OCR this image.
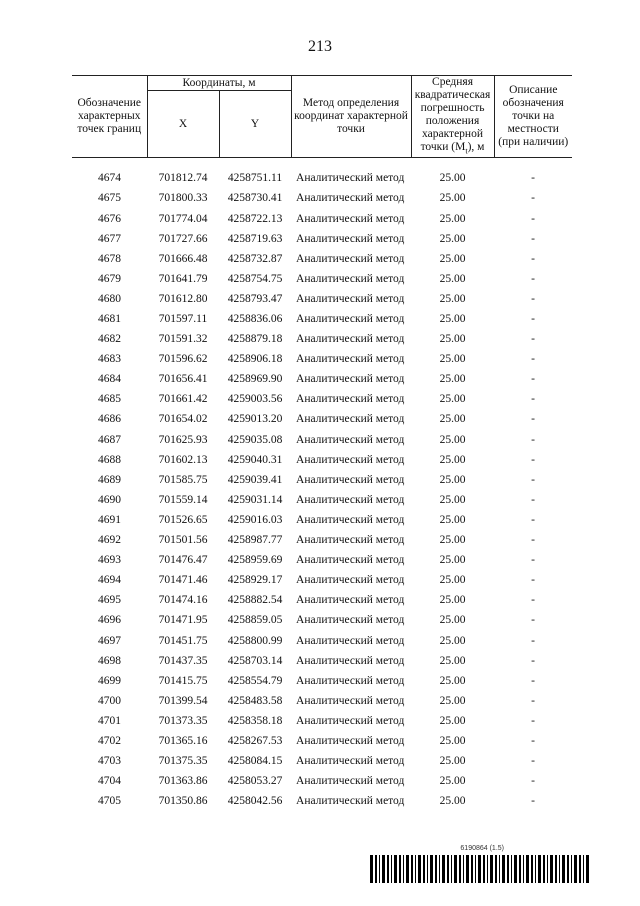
213
Обозначение характерных точек границ	Координаты, м		Метод определения координат характерной точки	Средняя квадратическая погрешность положения характерной точки $(M_t)$, м	Описание обозначения точки на местности (при наличии)
	X	Y			

4674	701812.74	4258751.11	Аналитический метод	25.00	-
4675	701800.33	4258730.41	Аналитический метод	25.00	-
4676	701774.04	4258722.13	Аналитический метод	25.00	-
4677	701727.66	4258719.63	Аналитический метод	25.00	-
4678	701666.48	4258732.87	Аналитический метод	25.00	-
4679	701641.79	4258754.75	Аналитический метод	25.00	-
4680	701612.80	4258793.47	Аналитический метод	25.00	-
4681	701597.11	4258836.06	Аналитический метод	25.00	-
4682	701591.32	4258879.18	Аналитический метод	25.00	-
4683	701596.62	4258906.18	Аналитический метод	25.00	-
4684	701656.41	4258969.90	Аналитический метод	25.00	-
4685	701661.42	4259003.56	Аналитический метод	25.00	-
4686	701654.02	4259013.20	Аналитический метод	25.00	-
4687	701625.93	4259035.08	Аналитический метод	25.00	-
4688	701602.13	4259040.31	Аналитический метод	25.00	-
4689	701585.75	4259039.41	Аналитический метод	25.00	-
4690	701559.14	4259031.14	Аналитический метод	25.00	-
4691	701526.65	4259016.03	Аналитический метод	25.00	-
4692	701501.56	4258987.77	Аналитический метод	25.00	-
4693	701476.47	4258959.69	Аналитический метод	25.00	-
4694	701471.46	4258929.17	Аналитический метод	25.00	-
4695	701474.16	4258882.54	Аналитический метод	25.00	-
4696	701471.95	4258859.05	Аналитический метод	25.00	-
4697	701451.75	4258800.99	Аналитический метод	25.00	-
4698	701437.35	4258703.14	Аналитический метод	25.00	-
4699	701415.75	4258554.79	Аналитический метод	25.00	-
4700	701399.54	4258483.58	Аналитический метод	25.00	-
4701	701373.35	4258358.18	Аналитический метод	25.00	-
4702	701365.16	4258267.53	Аналитический метод	25.00	-
4703	701375.35	4258084.15	Аналитический метод	25.00	-
4704	701363.86	4258053.27	Аналитический метод	25.00	-
4705	701350.86	4258042.56	Аналитический метод	25.00	-
6190864 (1.5)
